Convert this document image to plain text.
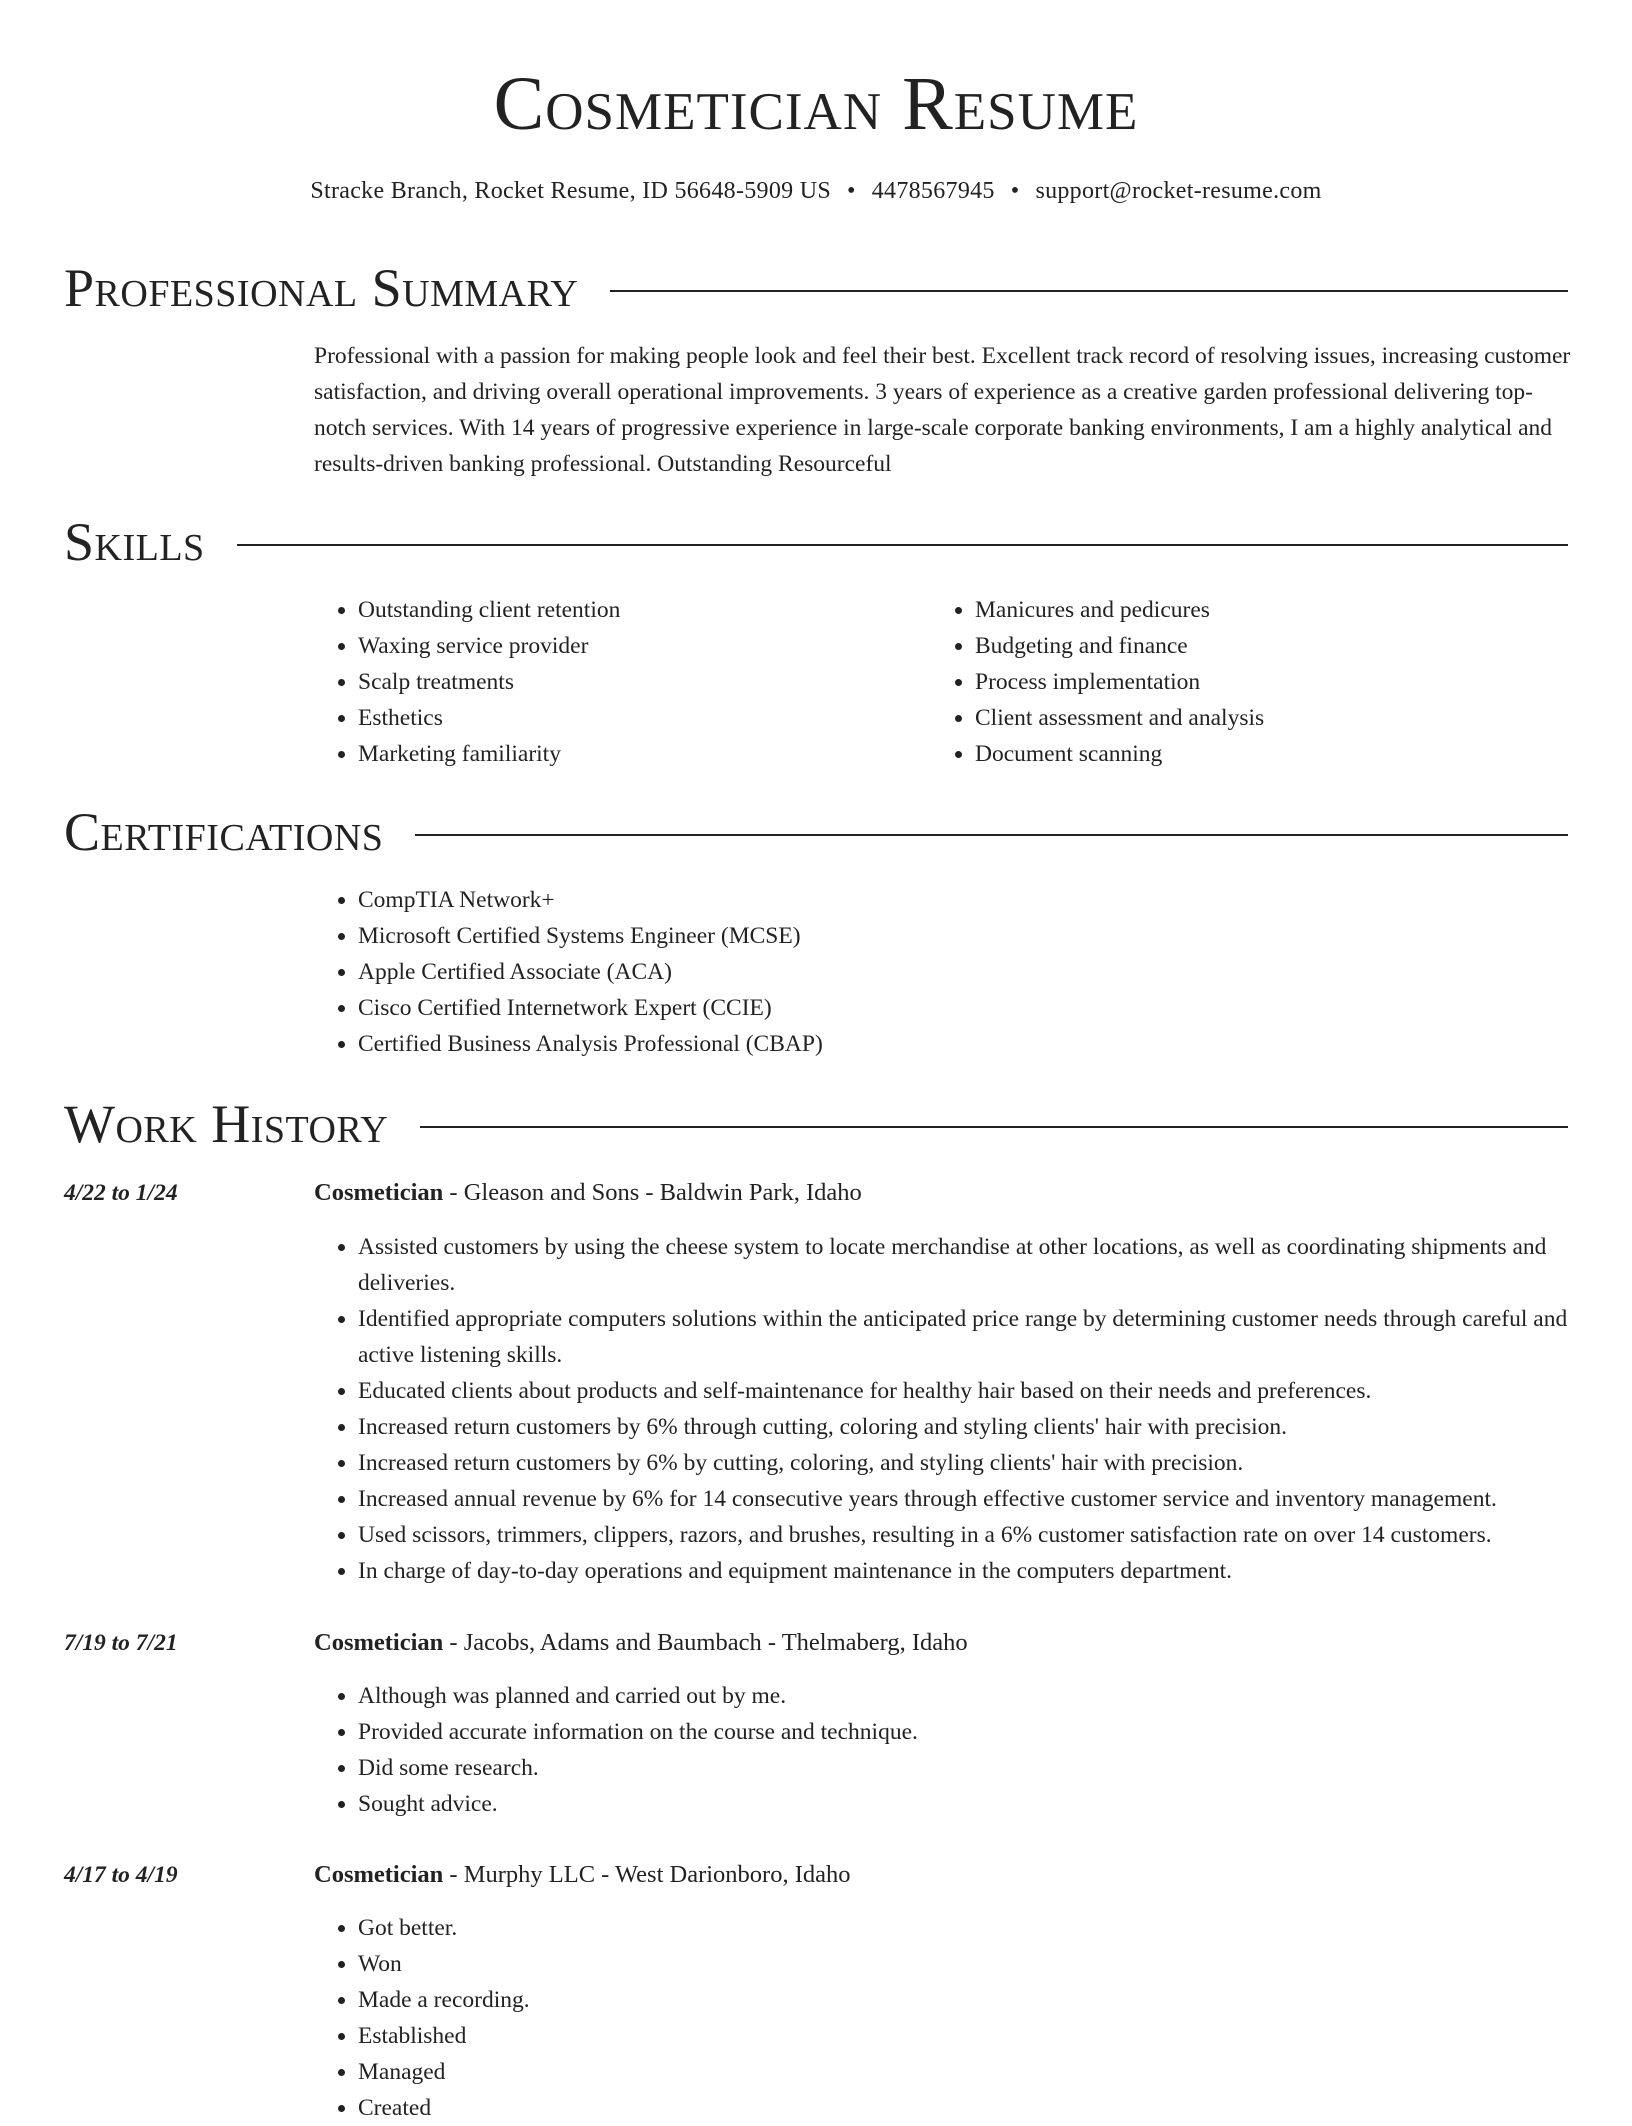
Cosmetician Resume
Stracke Branch, Rocket Resume, ID 56648-5909 US • 4478567945 • support@rocket-resume.com
Professional Summary

Professional with a passion for making people look and feel their best. Excellent track record of resolving issues, increasing customer satisfaction, and driving overall operational improvements. 3 years of experience as a creative garden professional delivering top-notch services. With 14 years of progressive experience in large-scale corporate banking environments, I am a highly analytical and results-driven banking professional. Outstanding Resourceful

Skills
• Outstanding client retention
• Waxing service provider
• Scalp treatments
• Esthetics
• Marketing familiarity
• Manicures and pedicures
• Budgeting and finance
• Process implementation
• Client assessment and analysis
• Document scanning
Certifications
• CompTIA Network+
• Microsoft Certified Systems Engineer (MCSE)
• Apple Certified Associate (ACA)
• Cisco Certified Internetwork Expert (CCIE)
• Certified Business Analysis Professional (CBAP)
Work History
4/22 to 1/24	Cosmetician - Gleason and Sons - Baldwin Park, Idaho
• Assisted customers by using the cheese system to locate merchandise at other locations, as well as coordinating shipments and deliveries.
• Identified appropriate computers solutions within the anticipated price range by determining customer needs through careful and active listening skills.
• Educated clients about products and self-maintenance for healthy hair based on their needs and preferences.
• Increased return customers by 6% through cutting, coloring and styling clients' hair with precision.
• Increased return customers by 6% by cutting, coloring, and styling clients' hair with precision.
• Increased annual revenue by 6% for 14 consecutive years through effective customer service and inventory management.
• Used scissors, trimmers, clippers, razors, and brushes, resulting in a 6% customer satisfaction rate on over 14 customers.
• In charge of day-to-day operations and equipment maintenance in the computers department.
7/19 to 7/21	Cosmetician - Jacobs, Adams and Baumbach - Thelmaberg, Idaho
• Although was planned and carried out by me.
• Provided accurate information on the course and technique.
• Did some research.
• Sought advice.
4/17 to 4/19	Cosmetician - Murphy LLC - West Darionboro, Idaho
• Got better.
• Won
• Made a recording.
• Established
• Managed
• Created
